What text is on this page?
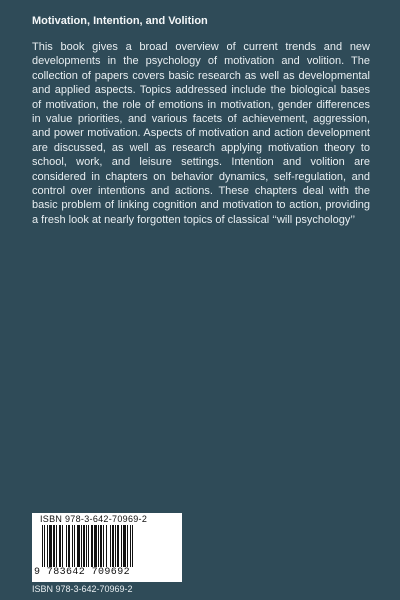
Motivation, Intention, and Volition

This book gives a broad overview of current trends and new developments in the psychology of motivation and volition. The collection of papers covers basic research as well as developmental and applied aspects. Topics addressed include the biological bases of motivation, the role of emotions in motivation, gender differences in value priorities, and various facets of achievement, aggression, and power motivation. Aspects of motivation and action development are discussed, as well as research applying motivation theory to school, work, and leisure settings. Intention and volition are considered in chapters on behavior dynamics, self-regulation, and control over intentions and actions. These chapters deal with the basic problem of linking cognition and motivation to action, providing a fresh look at nearly forgotten topics of classical ‘‘will psychology’’

ISBN 978-3-642-70969-2
9 783642 709692
ISBN 978-3-642-70969-2
